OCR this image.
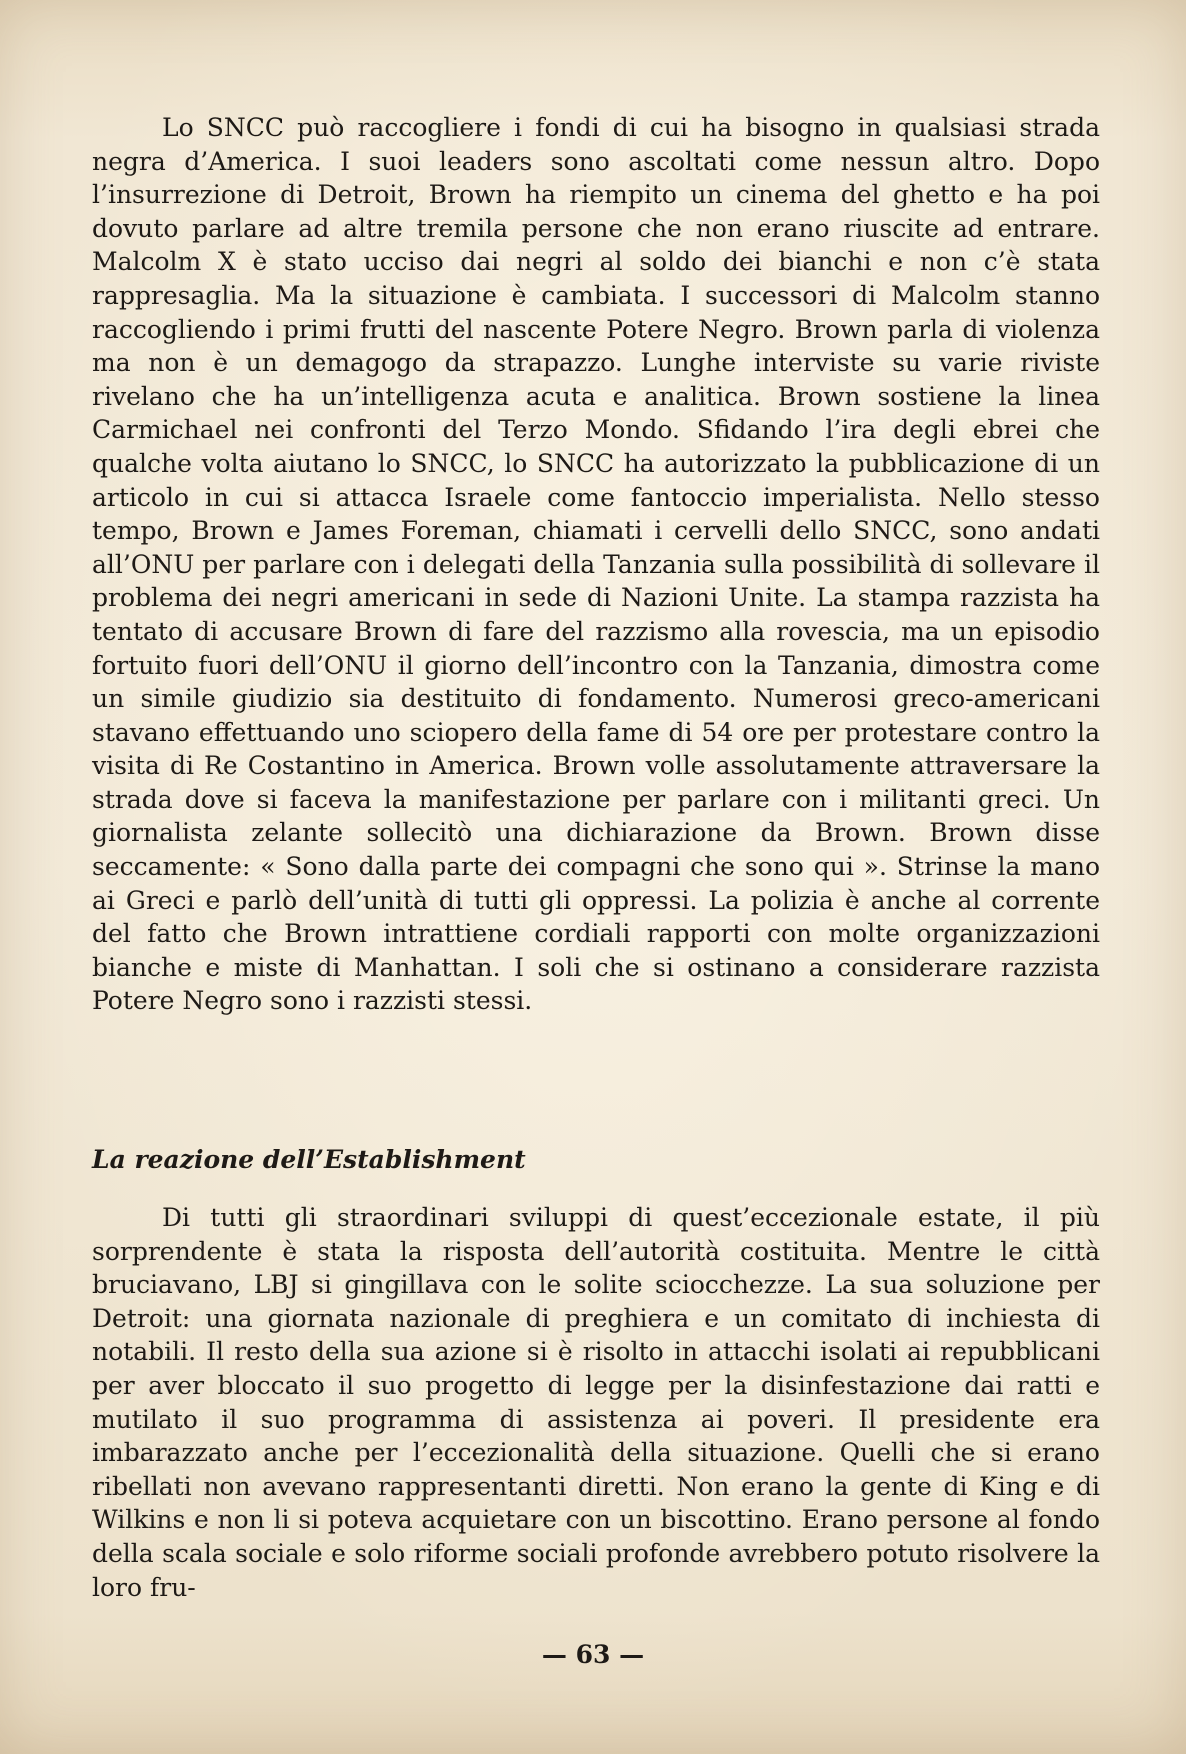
Lo SNCC può raccogliere i fondi di cui ha bisogno in qualsiasi strada negra d’America. I suoi leaders sono ascoltati come nessun altro. Dopo l’insurrezione di Detroit, Brown ha riempito un cinema del ghetto e ha poi dovuto parlare ad altre tremila persone che non erano riuscite ad entrare. Malcolm X è stato ucciso dai negri al soldo dei bianchi e non c’è stata rappresaglia. Ma la situazione è cambiata. I successori di Malcolm stanno raccogliendo i primi frutti del nascente Potere Negro. Brown parla di violenza ma non è un demagogo da strapazzo. Lunghe interviste su varie riviste rivelano che ha un’intelligenza acuta e analitica. Brown sostiene la linea Carmichael nei confronti del Terzo Mondo. Sfidando l’ira degli ebrei che qualche volta aiutano lo SNCC, lo SNCC ha autorizzato la pubblicazione di un articolo in cui si attacca Israele come fantoccio imperialista. Nello stesso tempo, Brown e James Foreman, chiamati i cervelli dello SNCC, sono andati all’ONU per parlare con i delegati della Tanzania sulla possibilità di sollevare il problema dei negri americani in sede di Nazioni Unite. La stampa razzista ha tentato di accusare Brown di fare del razzismo alla rovescia, ma un episodio fortuito fuori dell’ONU il giorno dell’incontro con la Tanzania, dimostra come un simile giudizio sia destituito di fondamento. Numerosi greco-americani stavano effettuando uno sciopero della fame di 54 ore per protestare contro la visita di Re Costantino in America. Brown volle assolutamente attraversare la strada dove si faceva la manifestazione per parlare con i militanti greci. Un giornalista zelante sollecitò una dichiarazione da Brown. Brown disse seccamente: « Sono dalla parte dei compagni che sono qui ». Strinse la mano ai Greci e parlò dell’unità di tutti gli oppressi. La polizia è anche al corrente del fatto che Brown intrattiene cordiali rapporti con molte organizzazioni bianche e miste di Manhattan. I soli che si ostinano a considerare razzista Potere Negro sono i razzisti stessi.

La reazione dell’Establishment

Di tutti gli straordinari sviluppi di quest’eccezionale estate, il più sorprendente è stata la risposta dell’autorità costituita. Mentre le città bruciavano, LBJ si gingillava con le solite sciocchezze. La sua soluzione per Detroit: una giornata nazionale di preghiera e un comitato di inchiesta di notabili. Il resto della sua azione si è risolto in attacchi isolati ai repubblicani per aver bloccato il suo progetto di legge per la disinfestazione dai ratti e mutilato il suo programma di assistenza ai poveri. Il presidente era imbarazzato anche per l’eccezionalità della situazione. Quelli che si erano ribellati non avevano rappresentanti diretti. Non erano la gente di King e di Wilkins e non li si poteva acquietare con un biscottino. Erano persone al fondo della scala sociale e solo riforme sociali profonde avrebbero potuto risolvere la loro fru-

— 63 —
